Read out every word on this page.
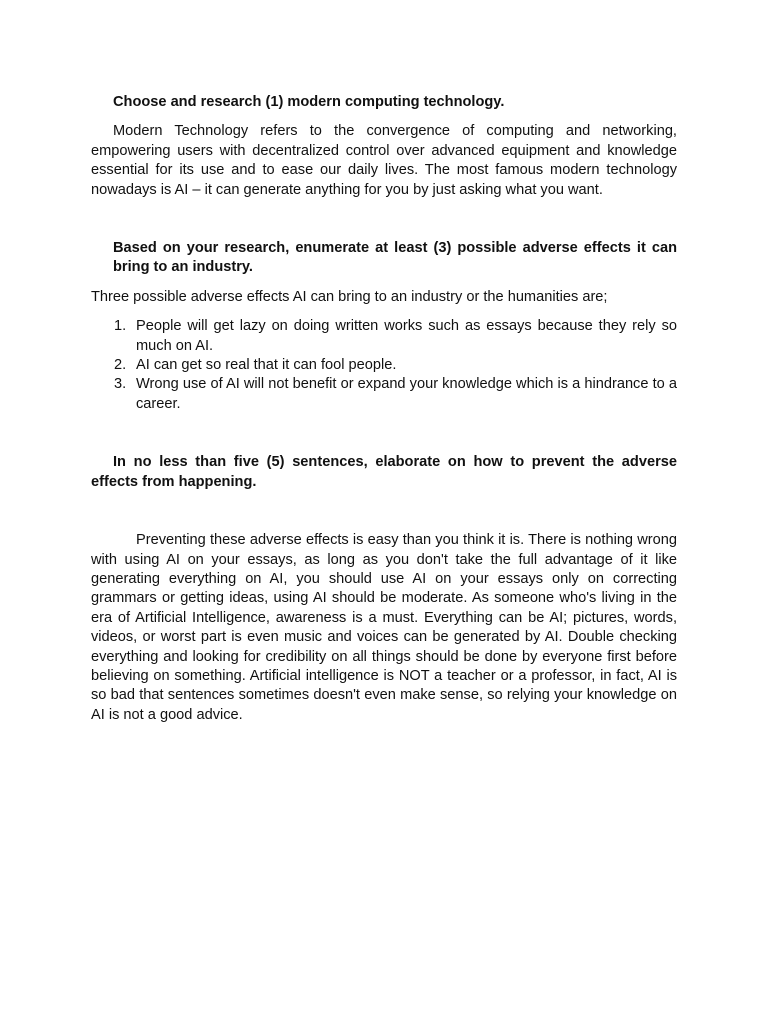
Choose and research (1) modern computing technology.

Modern Technology refers to the convergence of computing and networking, empowering users with decentralized control over advanced equipment and knowledge essential for its use and to ease our daily lives. The most famous modern technology nowadays is AI – it can generate anything for you by just asking what you want.

Based on your research, enumerate at least (3) possible adverse effects it can bring to an industry.

Three possible adverse effects AI can bring to an industry or the humanities are;

1. People will get lazy on doing written works such as essays because they rely so much on AI.
2. AI can get so real that it can fool people.
3. Wrong use of AI will not benefit or expand your knowledge which is a hindrance to a career.
In no less than five (5) sentences, elaborate on how to prevent the adverse effects from happening.

Preventing these adverse effects is easy than you think it is. There is nothing wrong with using AI on your essays, as long as you don't take the full advantage of it like generating everything on AI, you should use AI on your essays only on correcting grammars or getting ideas, using AI should be moderate. As someone who's living in the era of Artificial Intelligence, awareness is a must. Everything can be AI; pictures, words, videos, or worst part is even music and voices can be generated by AI. Double checking everything and looking for credibility on all things should be done by everyone first before believing on something. Artificial intelligence is NOT a teacher or a professor, in fact, AI is so bad that sentences sometimes doesn't even make sense, so relying your knowledge on AI is not a good advice.
